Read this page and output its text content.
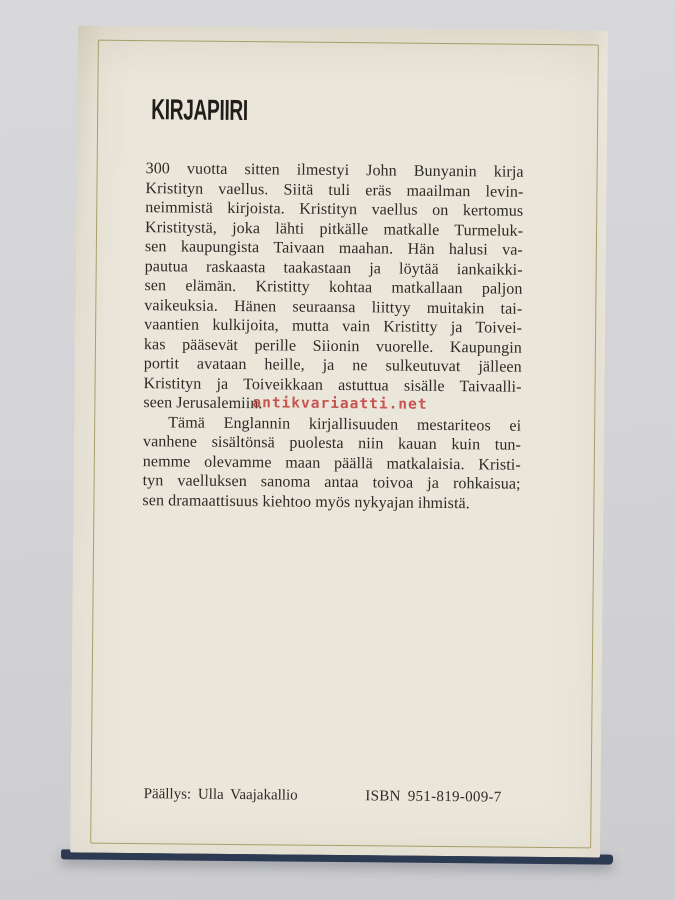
KIRJAPIIRI
300 vuotta sitten ilmestyi John Bunyanin kirja
Kristityn vaellus. Siitä tuli eräs maailman levin-
neimmistä kirjoista. Kristityn vaellus on kertomus
Kristitystä, joka lähti pitkälle matkalle Turmeluk-
sen kaupungista Taivaan maahan. Hän halusi va-
pautua raskaasta taakastaan ja löytää iankaikki-
sen elämän. Kristitty kohtaa matkallaan paljon
vaikeuksia. Hänen seuraansa liittyy muitakin tai-
vaantien kulkijoita, mutta vain Kristitty ja Toivei-
kas pääsevät perille Siionin vuorelle. Kaupungin
portit avataan heille, ja ne sulkeutuvat jälleen
Kristityn ja Toiveikkaan astuttua sisälle Taivaalli-
seen Jerusalemiin.
Tämä Englannin kirjallisuuden mestariteos ei
vanhene sisältönsä puolesta niin kauan kuin tun-
nemme olevamme maan päällä matkalaisia. Kristi-
tyn vaelluksen sanoma antaa toivoa ja rohkaisua;
sen dramaattisuus kiehtoo myös nykyajan ihmistä.
antikvariaatti.net
Päällys: Ulla Vaajakallio	ISBN 951-819-009-7
